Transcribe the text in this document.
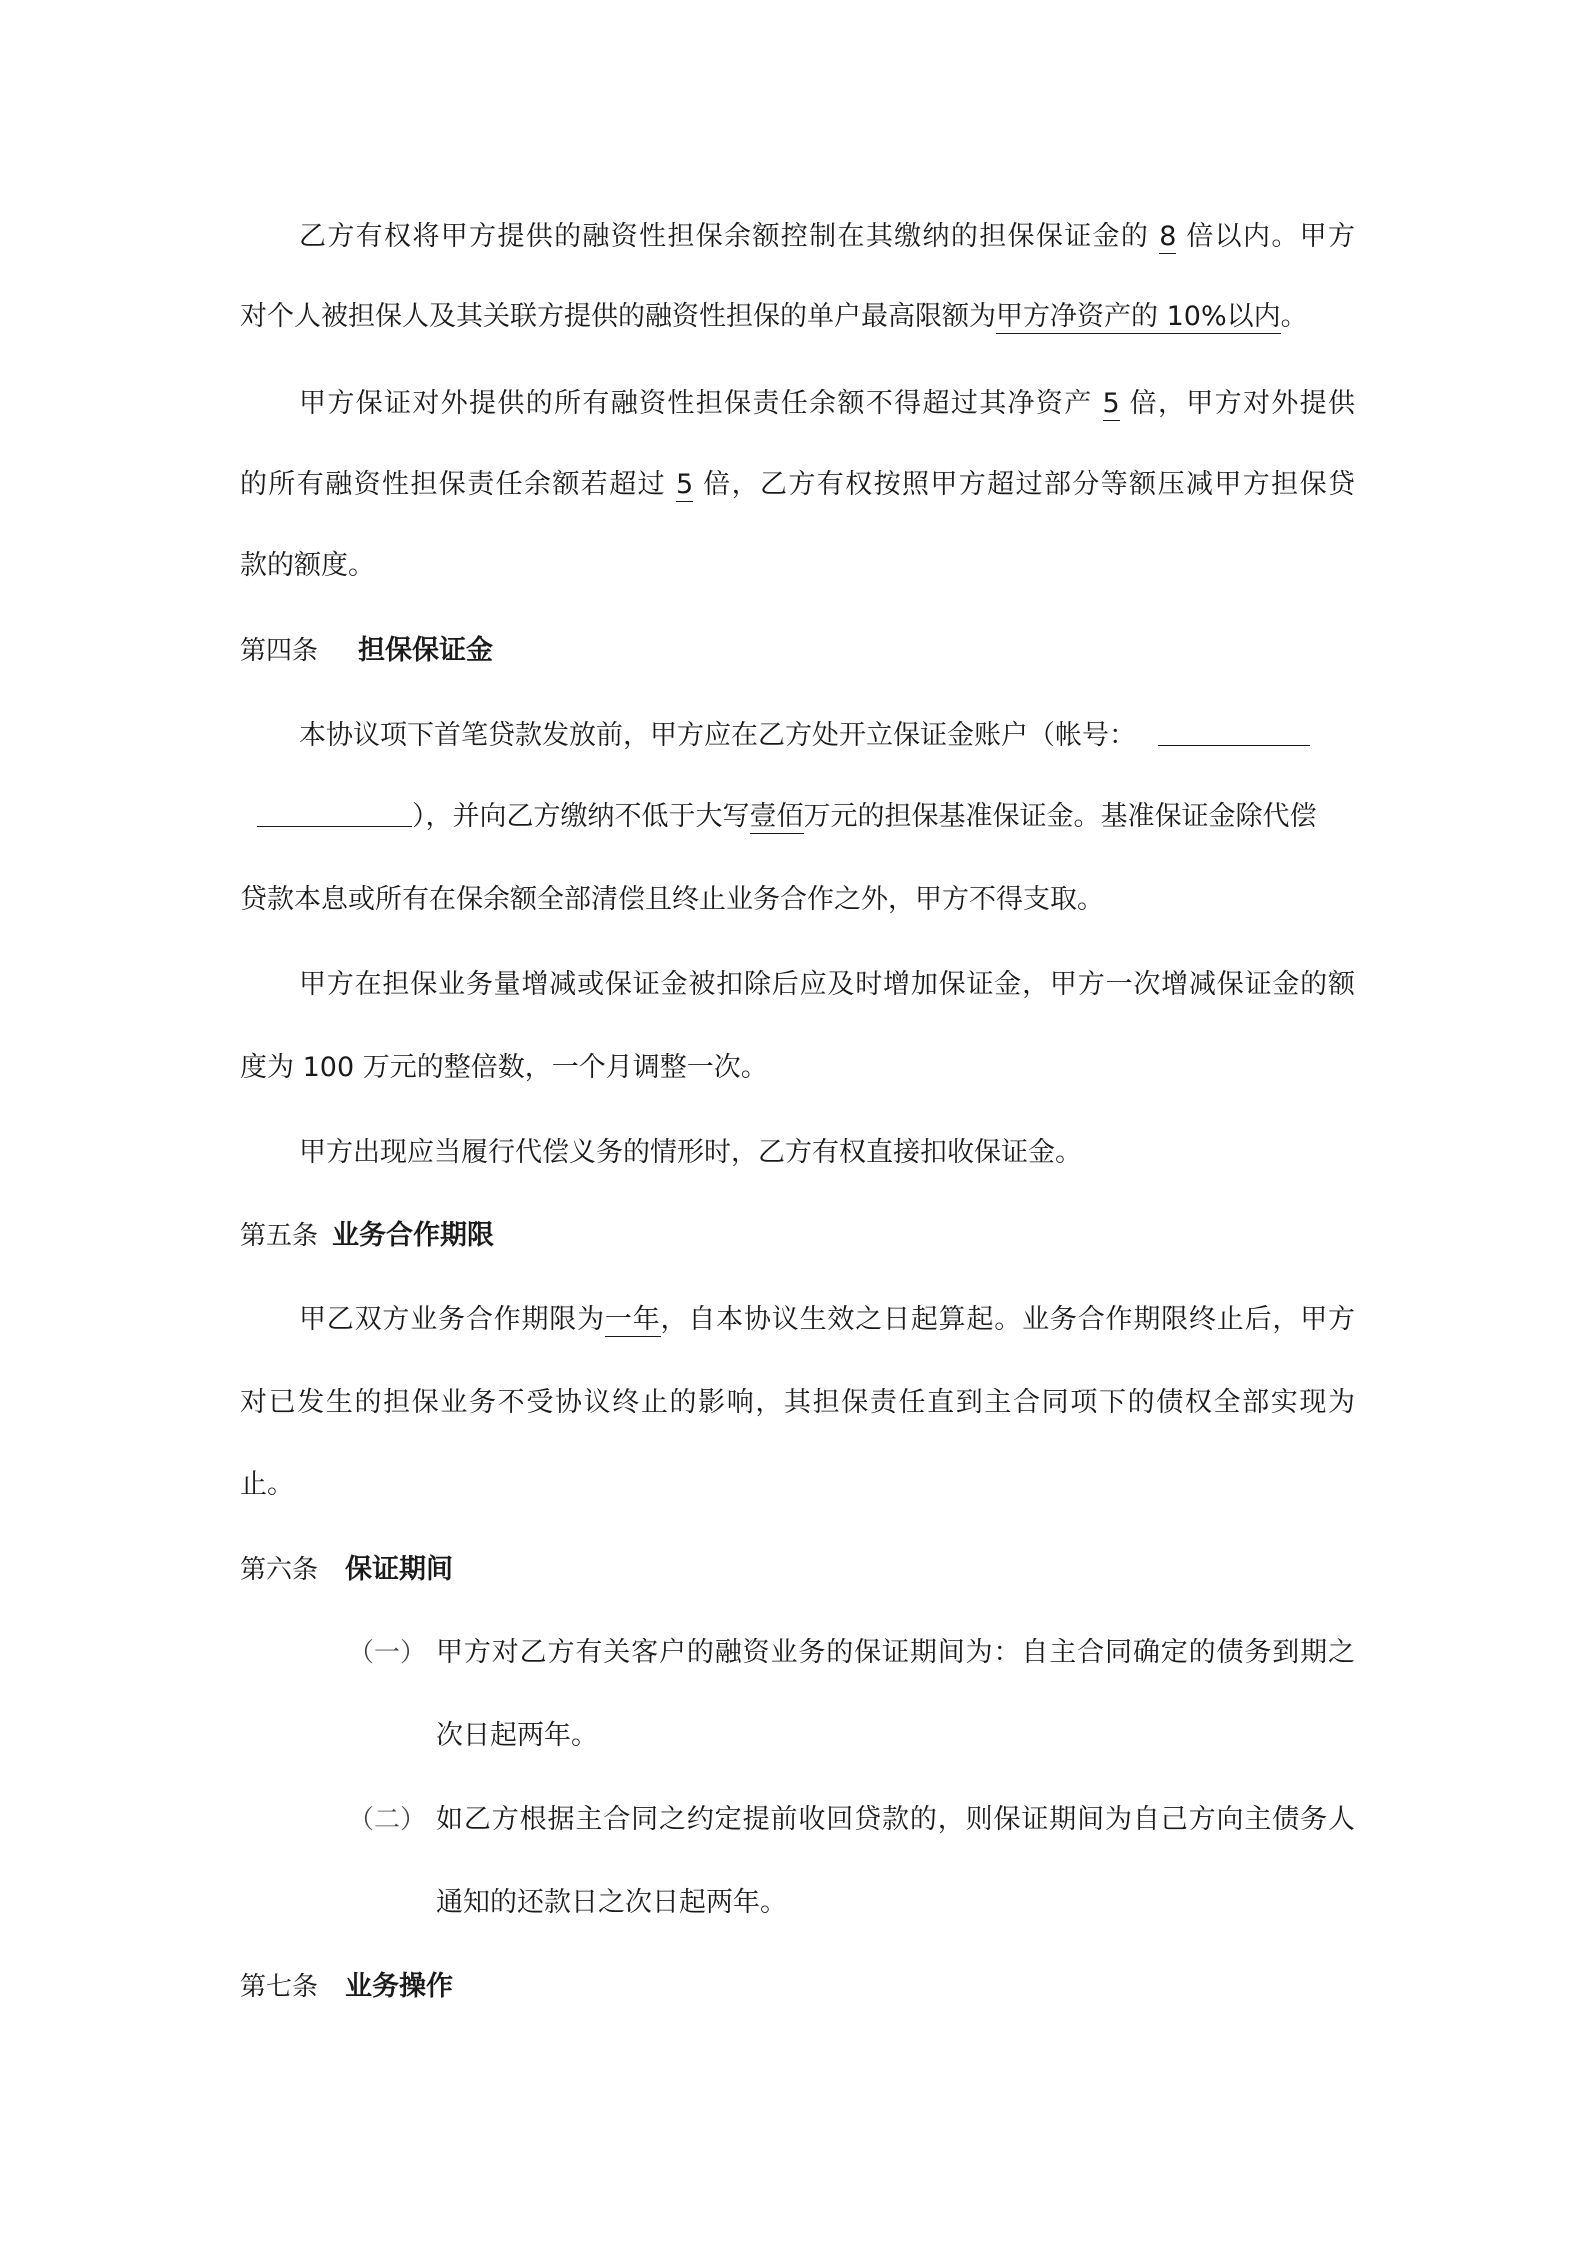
乙方有权将甲方提供的融资性担保余额控制在其缴纳的担保保证金的 8 倍以内。甲方
对个人被担保人及其关联方提供的融资性担保的单户最高限额为甲方净资产的 10%以内。
甲方保证对外提供的所有融资性担保责任余额不得超过其净资产 5 倍，甲方对外提供
的所有融资性担保责任余额若超过 5 倍，乙方有权按照甲方超过部分等额压减甲方担保贷
款的额度。
第四条 担保保证金
本协议项下首笔贷款发放前，甲方应在乙方处开立保证金账户（帐号：
），并向乙方缴纳不低于大写壹佰万元的担保基准保证金。基准保证金除代偿
贷款本息或所有在保余额全部清偿且终止业务合作之外，甲方不得支取。
甲方在担保业务量增减或保证金被扣除后应及时增加保证金，甲方一次增减保证金的额
度为 100 万元的整倍数，一个月调整一次。
甲方出现应当履行代偿义务的情形时，乙方有权直接扣收保证金。
第五条 业务合作期限
甲乙双方业务合作期限为一年，自本协议生效之日起算起。业务合作期限终止后，甲方
对已发生的担保业务不受协议终止的影响，其担保责任直到主合同项下的债权全部实现为
止。
第六条 保证期间
（一） 甲方对乙方有关客户的融资业务的保证期间为：自主合同确定的债务到期之
次日起两年。
（二） 如乙方根据主合同之约定提前收回贷款的，则保证期间为自己方向主债务人
通知的还款日之次日起两年。
第七条 业务操作
